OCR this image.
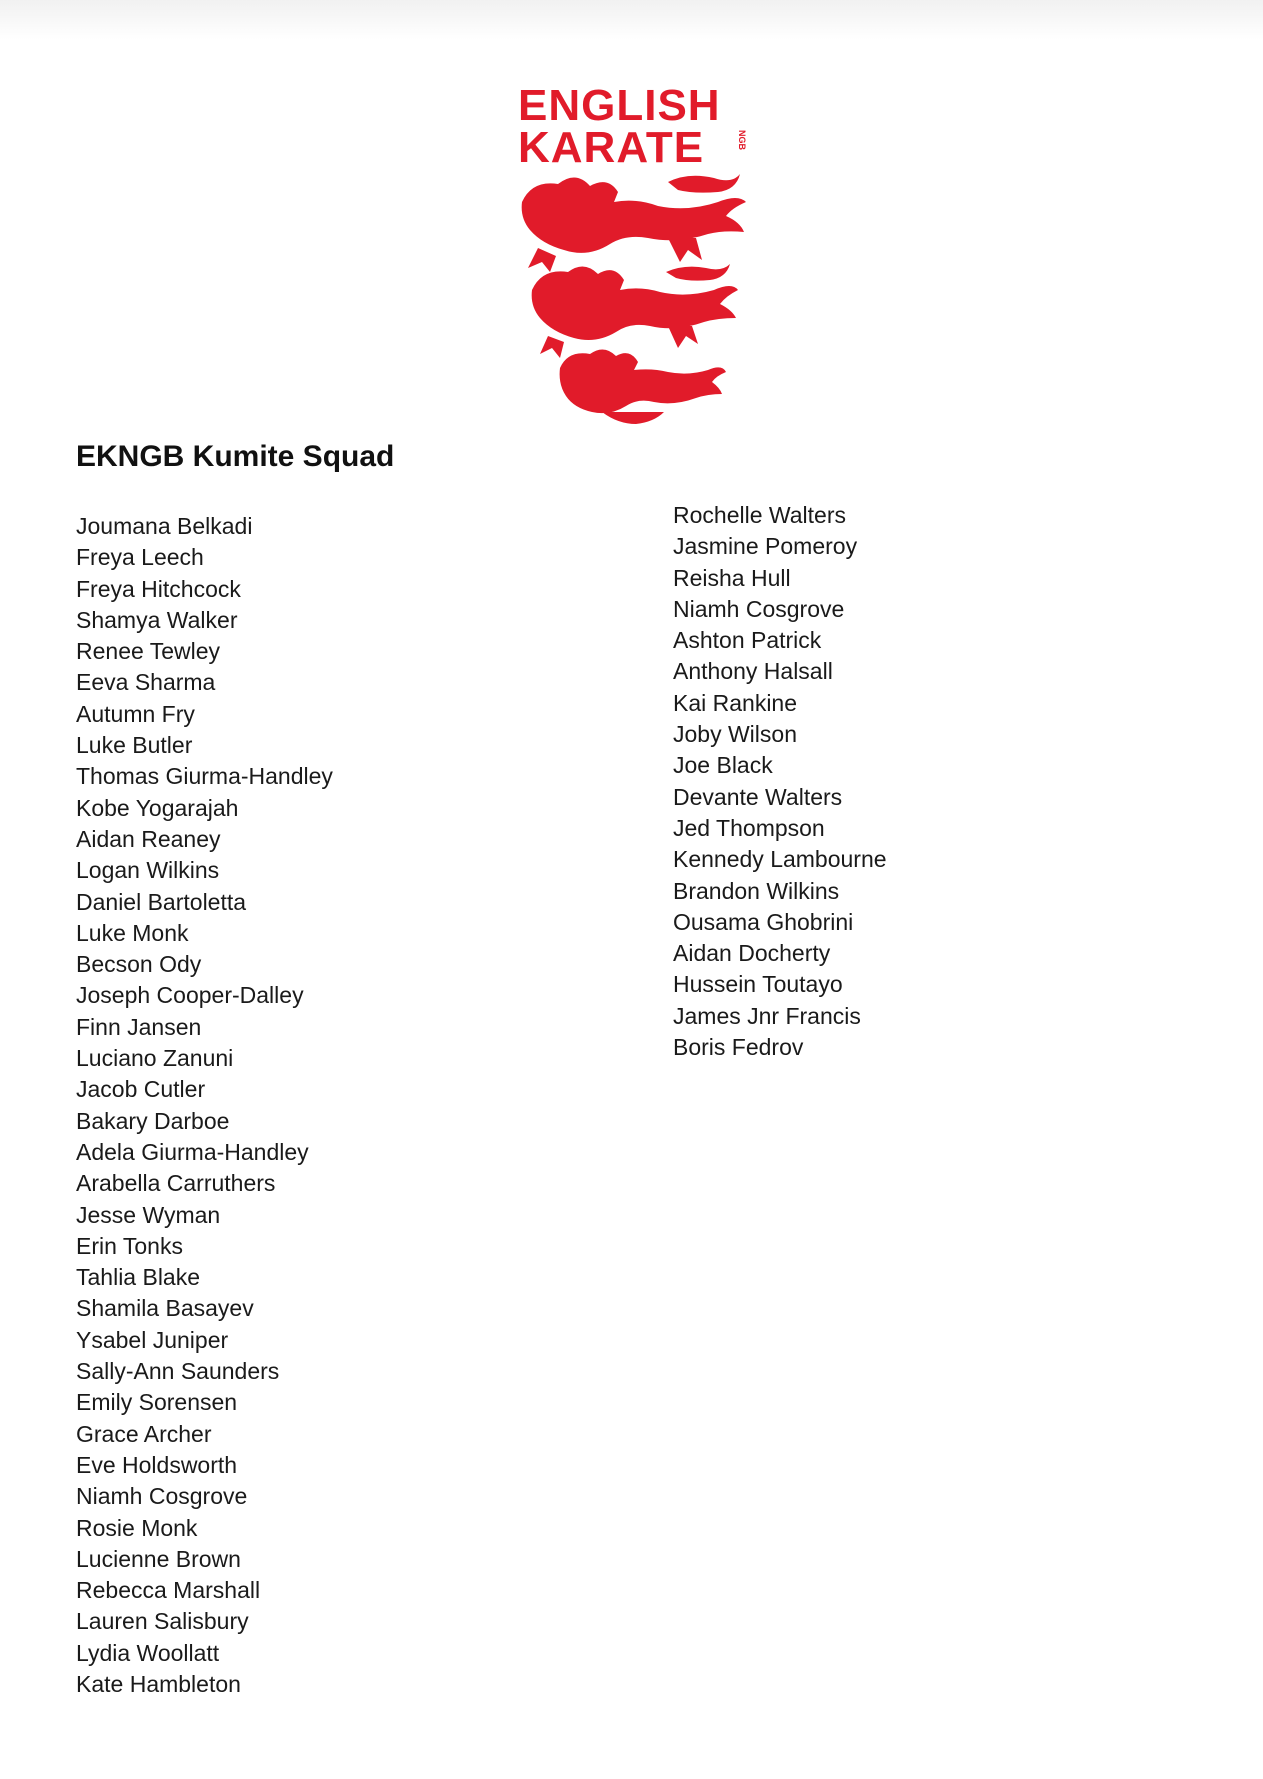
ENGLISH
KARATE	NGB
EKNGB Kumite Squad
Joumana Belkadi
Freya Leech
Freya Hitchcock
Shamya Walker
Renee Tewley
Eeva Sharma
Autumn Fry
Luke Butler
Thomas Giurma-Handley
Kobe Yogarajah
Aidan Reaney
Logan Wilkins
Daniel Bartoletta
Luke Monk
Becson Ody
Joseph Cooper-Dalley
Finn Jansen
Luciano Zanuni
Jacob Cutler
Bakary Darboe
Adela Giurma-Handley
Arabella Carruthers
Jesse Wyman
Erin Tonks
Tahlia Blake
Shamila Basayev
Ysabel Juniper
Sally-Ann Saunders
Emily Sorensen
Grace Archer
Eve Holdsworth
Niamh Cosgrove
Rosie Monk
Lucienne Brown
Rebecca Marshall
Lauren Salisbury
Lydia Woollatt
Kate Hambleton
Rochelle Walters
Jasmine Pomeroy
Reisha Hull
Niamh Cosgrove
Ashton Patrick
Anthony Halsall
Kai Rankine
Joby Wilson
Joe Black
Devante Walters
Jed Thompson
Kennedy Lambourne
Brandon Wilkins
Ousama Ghobrini
Aidan Docherty
Hussein Toutayo
James Jnr Francis
Boris Fedrov
